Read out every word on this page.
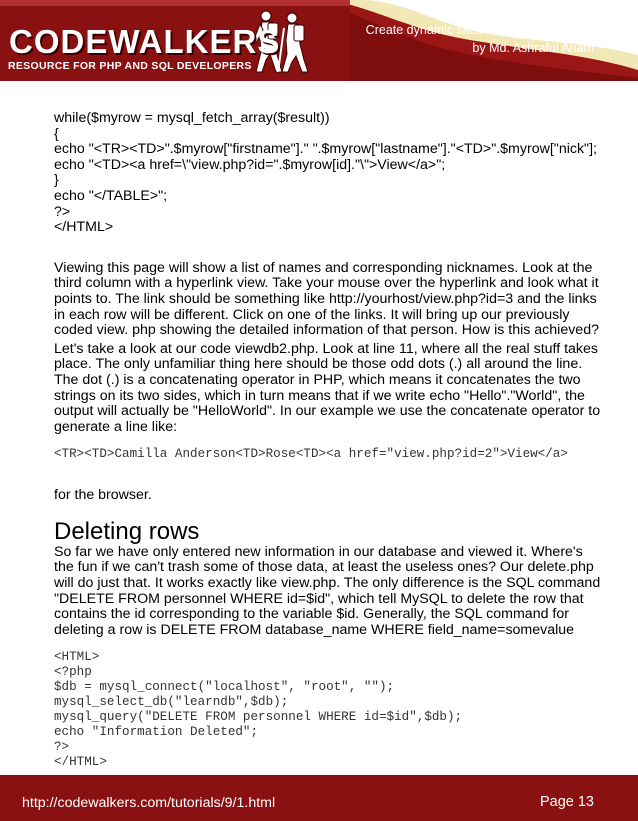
CODEWALKERS
RESOURCE FOR PHP AND SQL DEVELOPERS
Create dynamic sites with PHP & MySQL
by Md. Ashraful Anam

while($myrow = mysql_fetch_array($result))

{

echo "<TR><TD>".$myrow["firstname"]." ".$myrow["lastname"]."<TD>".$myrow["nick"];

echo "<TD><a href=\"view.php?id=".$myrow[id]."\">View</a>";

}

echo "</TABLE>";

?>

</HTML>

Viewing this page will show a list of names and corresponding nicknames. Look at the third column with a hyperlink view. Take your mouse over the hyperlink and look what it points to. The link should be something like http://yourhost/view.php?id=3 and the links in each row will be different. Click on one of the links. It will bring up our previously coded view. php showing the detailed information of that person. How is this achieved?

Let's take a look at our code viewdb2.php. Look at line 11, where all the real stuff takes place. The only unfamiliar thing here should be those odd dots (.) all around the line. The dot (.) is a concatenating operator in PHP, which means it concatenates the two strings on its two sides, which in turn means that if we write echo "Hello"."World", the output will actually be "HelloWorld". In our example we use the concatenate operator to generate a line like:

<TR><TD>Camilla Anderson<TD>Rose<TD><a href="view.php?id=2">View</a>

for the browser.

Deleting rows

So far we have only entered new information in our database and viewed it. Where's the fun if we can't trash some of those data, at least the useless ones? Our delete.php will do just that. It works exactly like view.php. The only difference is the SQL command "DELETE FROM personnel WHERE id=$id", which tell MySQL to delete the row that contains the id corresponding to the variable $id. Generally, the SQL command for deleting a row is DELETE FROM database_name WHERE field_name=somevalue

<HTML>

<?php

$db = mysql_connect("localhost", "root", "");

mysql_select_db("learndb",$db);

mysql_query("DELETE FROM personnel WHERE id=$id",$db);

echo "Information Deleted";

?>

</HTML>

http://codewalkers.com/tutorials/9/1.html	Page 13
